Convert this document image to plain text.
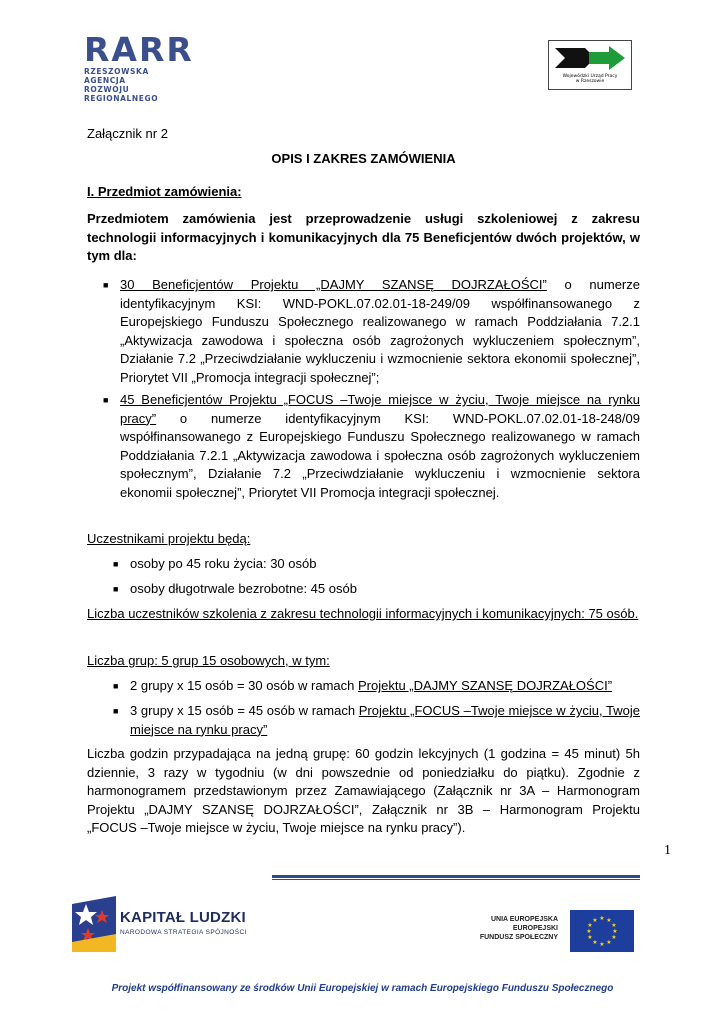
RARR
RZESZOWSKA AGENCJA
ROZWOJU REGIONALNEGO
Wojewódzki Urząd Pracy
w Rzeszowie
Załącznik nr 2
OPIS I ZAKRES ZAMÓWIENIA
I. Przedmiot zamówienia:
Przedmiotem zamówienia jest przeprowadzenie usługi szkoleniowej z zakresu technologii informacyjnych i komunikacyjnych dla 75 Beneficjentów dwóch projektów, w tym dla:
■ 30 Beneficjentów Projektu „DAJMY SZANSĘ DOJRZAŁOŚCI” o numerze identyfikacyjnym KSI: WND-POKL.07.02.01-18-249/09 współfinansowanego z Europejskiego Funduszu Społecznego realizowanego w ramach Poddziałania 7.2.1 „Aktywizacja zawodowa i społeczna osób zagrożonych wykluczeniem społecznym”, Działanie 7.2 „Przeciwdziałanie wykluczeniu i wzmocnienie sektora ekonomii społecznej”, Priorytet VII „Promocja integracji społecznej”;
■ 45 Beneficjentów Projektu „FOCUS –Twoje miejsce w życiu, Twoje miejsce na rynku pracy” o numerze identyfikacyjnym KSI: WND-POKL.07.02.01-18-248/09 współfinansowanego z Europejskiego Funduszu Społecznego realizowanego w ramach Poddziałania 7.2.1 „Aktywizacja zawodowa i społeczna osób zagrożonych wykluczeniem społecznym”, Działanie 7.2 „Przeciwdziałanie wykluczeniu i wzmocnienie sektora ekonomii społecznej”, Priorytet VII Promocja integracji społecznej.
Uczestnikami projektu będą:
■ osoby po 45 roku życia: 30 osób
■ osoby długotrwale bezrobotne: 45 osób
Liczba uczestników szkolenia z zakresu technologii informacyjnych i komunikacyjnych: 75 osób.
Liczba grup: 5 grup 15 osobowych, w tym:
■ 2 grupy x 15 osób = 30 osób w ramach Projektu „DAJMY SZANSĘ DOJRZAŁOŚCI”
■ 3 grupy x 15 osób = 45 osób w ramach Projektu „FOCUS –Twoje miejsce w życiu, Twoje miejsce na rynku pracy”
Liczba godzin przypadająca na jedną grupę: 60 godzin lekcyjnych (1 godzina = 45 minut) 5h dziennie, 3 razy w tygodniu (w dni powszednie od poniedziałku do piątku). Zgodnie z harmonogramem przedstawionym przez Zamawiającego (Załącznik nr 3A – Harmonogram Projektu „DAJMY SZANSĘ DOJRZAŁOŚCI”, Załącznik nr 3B – Harmonogram Projektu „FOCUS –Twoje miejsce w życiu, Twoje miejsce na rynku pracy”).
1
KAPITAŁ LUDZKI
NARODOWA STRATEGIA SPÓJNOŚCI
UNIA EUROPEJSKA
EUROPEJSKI
FUNDUSZ SPOŁECZNY
★ ★
★
★
★
★
★
★
★
★
★
★
Projekt współfinansowany ze środków Unii Europejskiej w ramach Europejskiego Funduszu Społecznego
